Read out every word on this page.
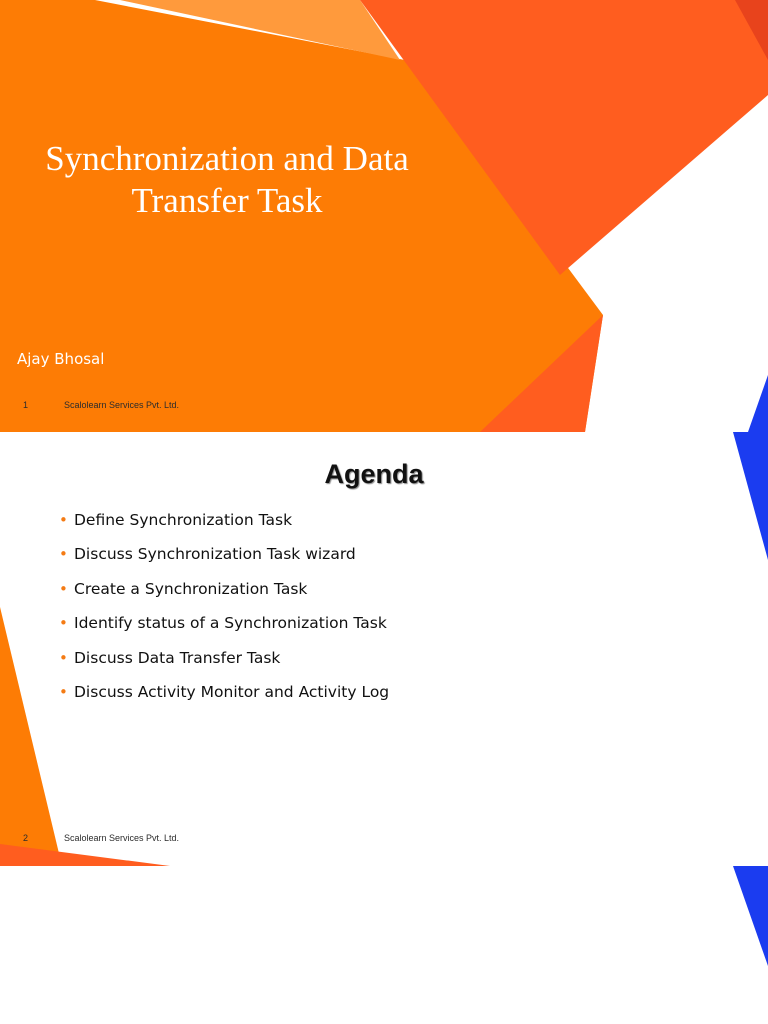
Synchronization and Data Transfer Task
Ajay Bhosal
1	Scalolearn Services Pvt. Ltd.
Agenda
• Define Synchronization Task
• Discuss Synchronization Task wizard
• Create a Synchronization Task
• Identify status of a Synchronization Task
• Discuss Data Transfer Task
• Discuss Activity Monitor and Activity Log
2	Scalolearn Services Pvt. Ltd.
